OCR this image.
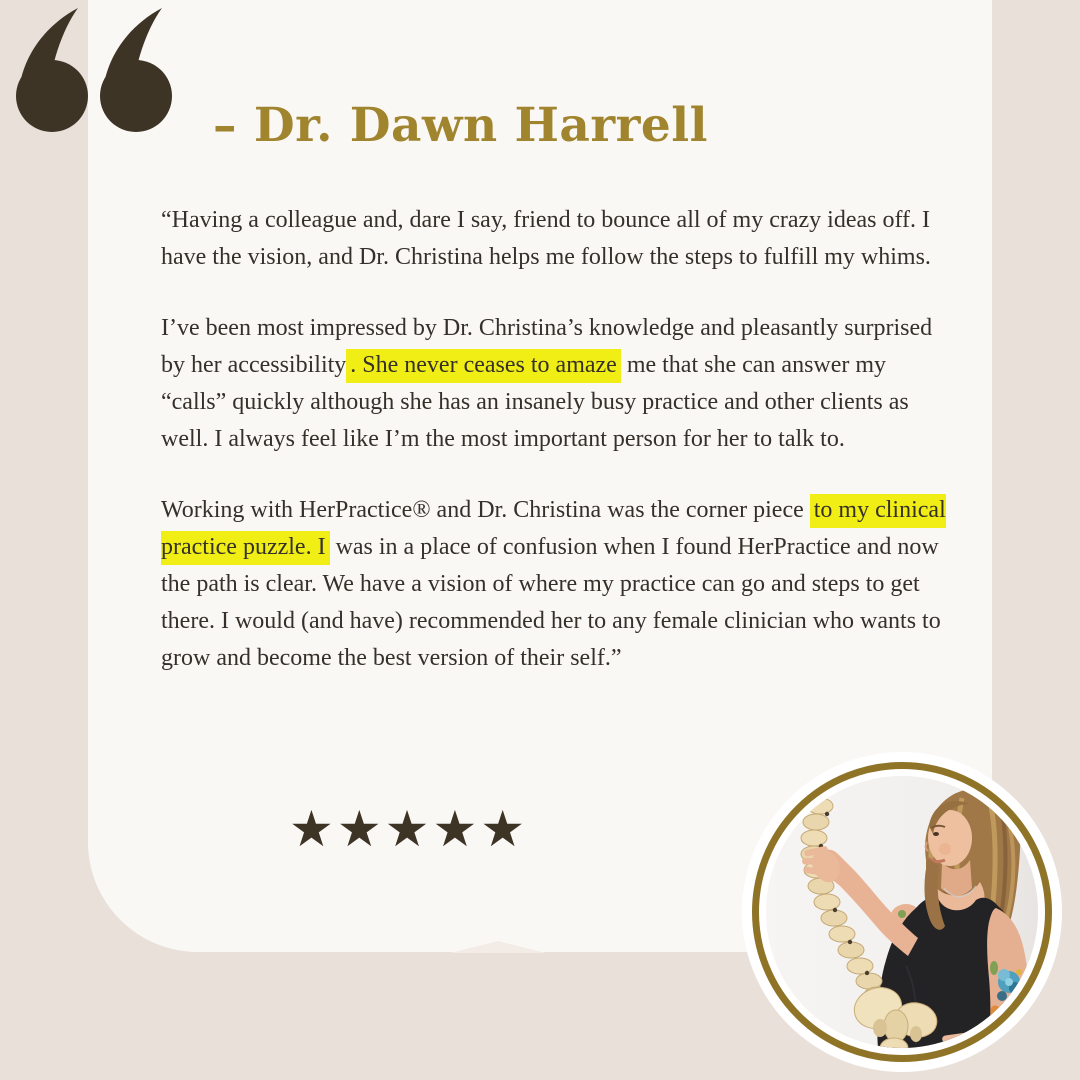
– Dr. Dawn Harrell

“Having a colleague and, dare I say, friend to bounce all of my crazy ideas off. I have the vision, and Dr. Christina helps me follow the steps to fulfill my whims.

I’ve been most impressed by Dr. Christina’s knowledge and pleasantly surprised by her accessibility . She never ceases to amaze me that she can answer my “calls” quickly although she has an insanely busy practice and other clients as well. I always feel like I’m the most important person for her to talk to.

Working with HerPractice® and Dr. Christina was the corner piece to my clinical practice puzzle. I was in a place of confusion when I found HerPractice and now the path is clear. We have a vision of where my practice can go and steps to get there. I would (and have) recommended her to any female clinician who wants to grow and become the best version of their self.”

★★★★★
